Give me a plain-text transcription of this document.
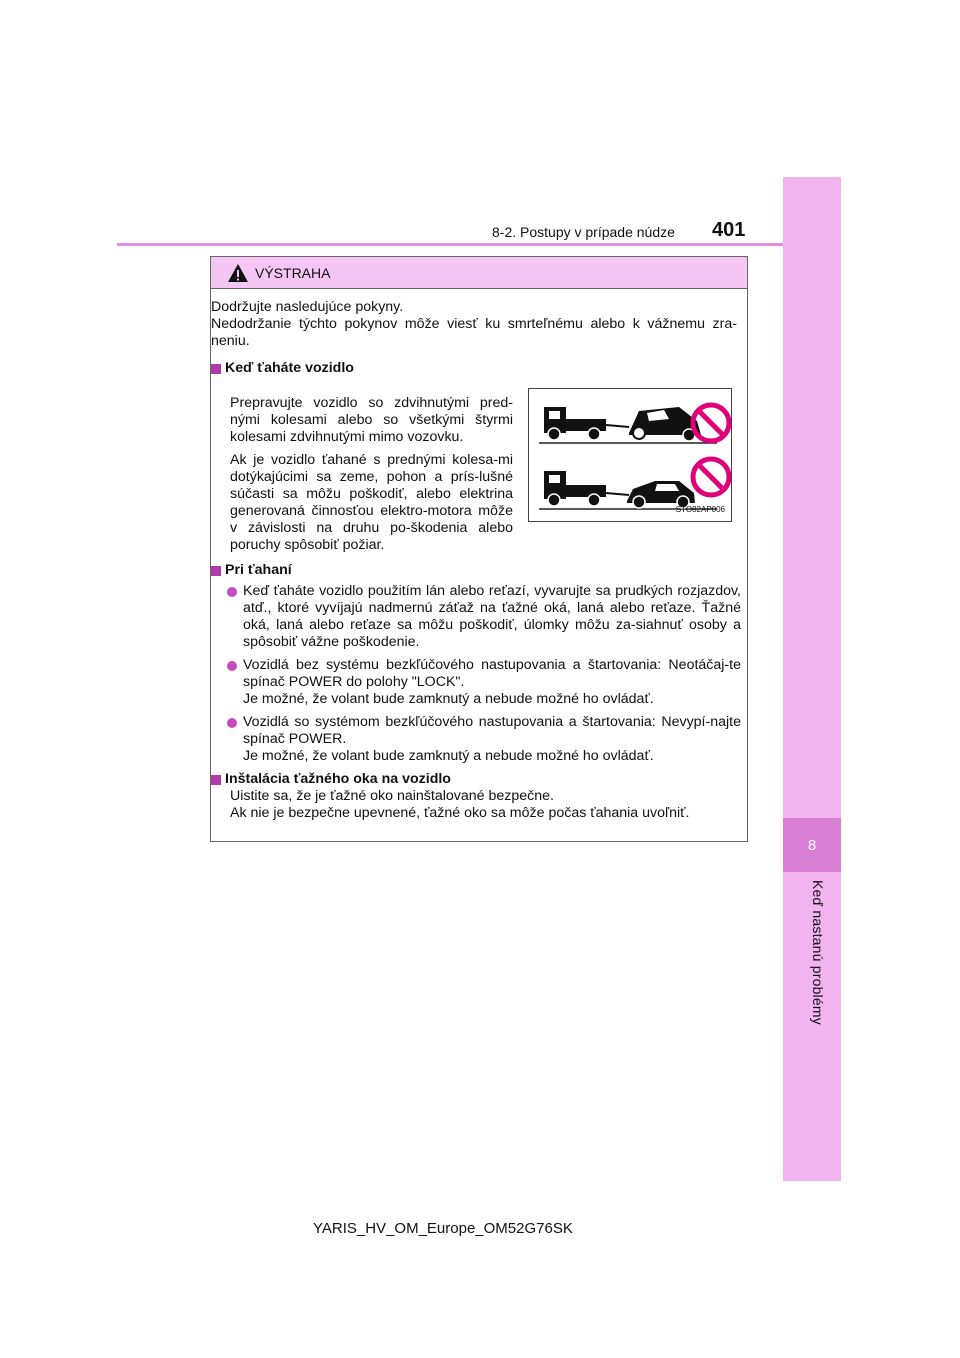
8
Keď nastanú problémy
8-2. Postupy v prípade núdze 401
VÝSTRAHA

Dodržujte nasledujúce pokyny.

Nedodržanie týchto pokynov môže viesť ku smrteľnému alebo k vážnemu zra-neniu.

Keď ťaháte vozidlo

Prepravujte vozidlo so zdvihnutými pred-nými kolesami alebo so všetkými štyrmi kolesami zdvihnutými mimo vozovku.

Ak je vozidlo ťahané s prednými kolesa-mi dotýkajúcimi sa zeme, pohon a prís-lušné súčasti sa môžu poškodiť, alebo elektrina generovaná činnosťou elektro-motora môže v závislosti na druhu po-škodenia alebo poruchy spôsobiť požiar.

STO82AP006
Pri ťahaní
Keď ťaháte vozidlo použitím lán alebo reťazí, vyvarujte sa prudkých rozjazdov, atď., ktoré vyvíjajú nadmernú záťaž na ťažné oká, laná alebo reťaze. Ťažné oká, laná alebo reťaze sa môžu poškodiť, úlomky môžu za-siahnuť osoby a spôsobiť vážne poškodenie.
Vozidlá bez systému bezkľúčového nastupovania a štartovania: Neotáčaj-te spínač POWER do polohy "LOCK".
Je možné, že volant bude zamknutý a nebude možné ho ovládať.
Vozidlá so systémom bezkľúčového nastupovania a štartovania: Nevypí-najte spínač POWER.
Je možné, že volant bude zamknutý a nebude možné ho ovládať.
Inštalácia ťažného oka na vozidlo
Uistite sa, že je ťažné oko nainštalované bezpečne.
Ak nie je bezpečne upevnené, ťažné oko sa môže počas ťahania uvoľniť.
YARIS_HV_OM_Europe_OM52G76SK
